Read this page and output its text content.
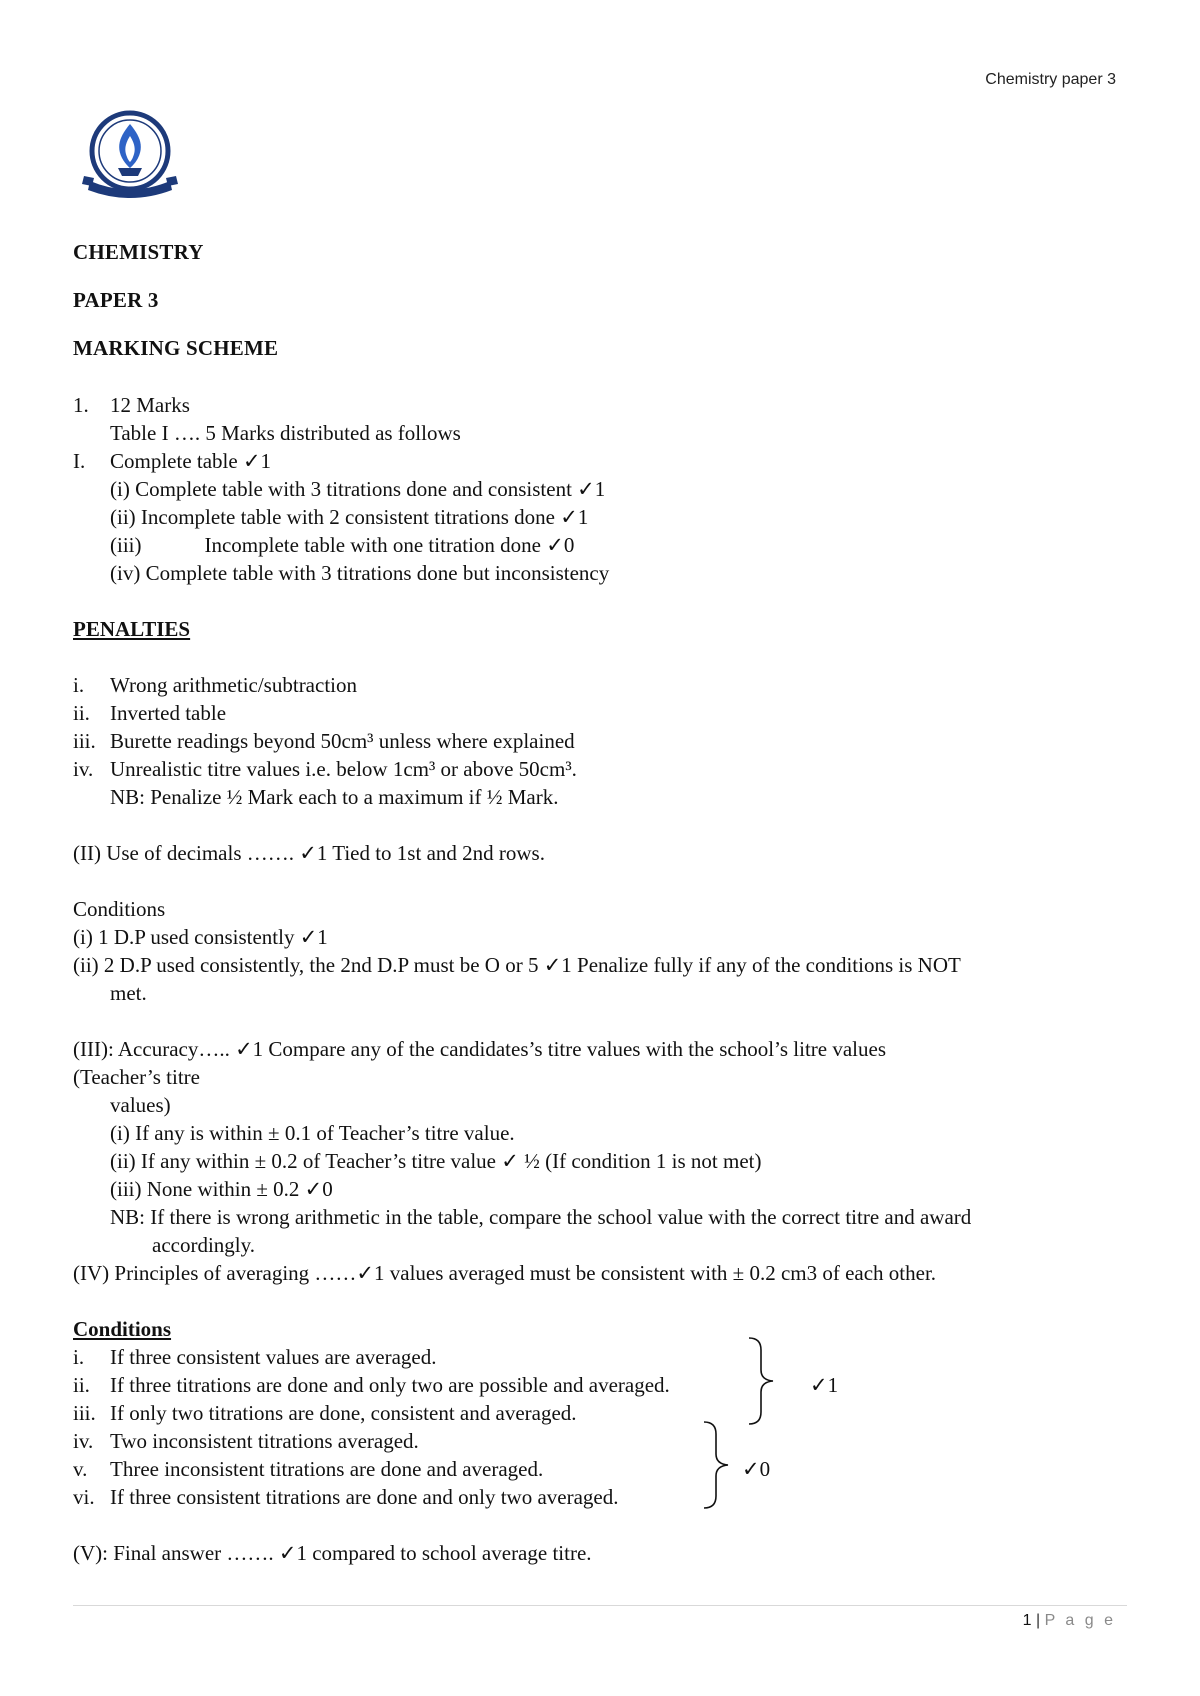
Chemistry paper 3
CHEMISTRY
PAPER 3
MARKING SCHEME
1. 12 Marks
Table I …. 5 Marks distributed as follows
I. Complete table ✓1
(i) Complete table with 3 titrations done and consistent ✓1
(ii) Incomplete table with 2 consistent titrations done ✓1
(iii)            Incomplete table with one titration done ✓0
(iv) Complete table with 3 titrations done but inconsistency
PENALTIES
i. Wrong arithmetic/subtraction
ii. Inverted table
iii. Burette readings beyond 50cm³ unless where explained
iv. Unrealistic titre values i.e. below 1cm³ or above 50cm³.
NB: Penalize ½ Mark each to a maximum if ½ Mark.
(II) Use of decimals ……. ✓1 Tied to 1st and 2nd rows.
Conditions
(i) 1 D.P used consistently ✓1
(ii) 2 D.P used consistently, the 2nd D.P must be O or 5 ✓1 Penalize fully if any of the conditions is NOT
met.
(III): Accuracy….. ✓1 Compare any of the candidates’s titre values with the school’s litre values
(Teacher’s titre
values)
(i) If any is within ± 0.1 of Teacher’s titre value.
(ii) If any within ± 0.2 of Teacher’s titre value ✓ ½ (If condition 1 is not met)
(iii) None within ± 0.2 ✓0
NB: If there is wrong arithmetic in the table, compare the school value with the correct titre and award
accordingly.
(IV) Principles of averaging ……✓1 values averaged must be consistent with ± 0.2 cm3 of each other.
Conditions
i. If three consistent values are averaged.
ii. If three titrations are done and only two are possible and averaged.
iii. If only two titrations are done, consistent and averaged.
iv. Two inconsistent titrations averaged.
v. Three inconsistent titrations are done and averaged.
vi. If three consistent titrations are done and only two averaged.
✓1
✓0
(V): Final answer ……. ✓1 compared to school average titre.
1 | P a g e
